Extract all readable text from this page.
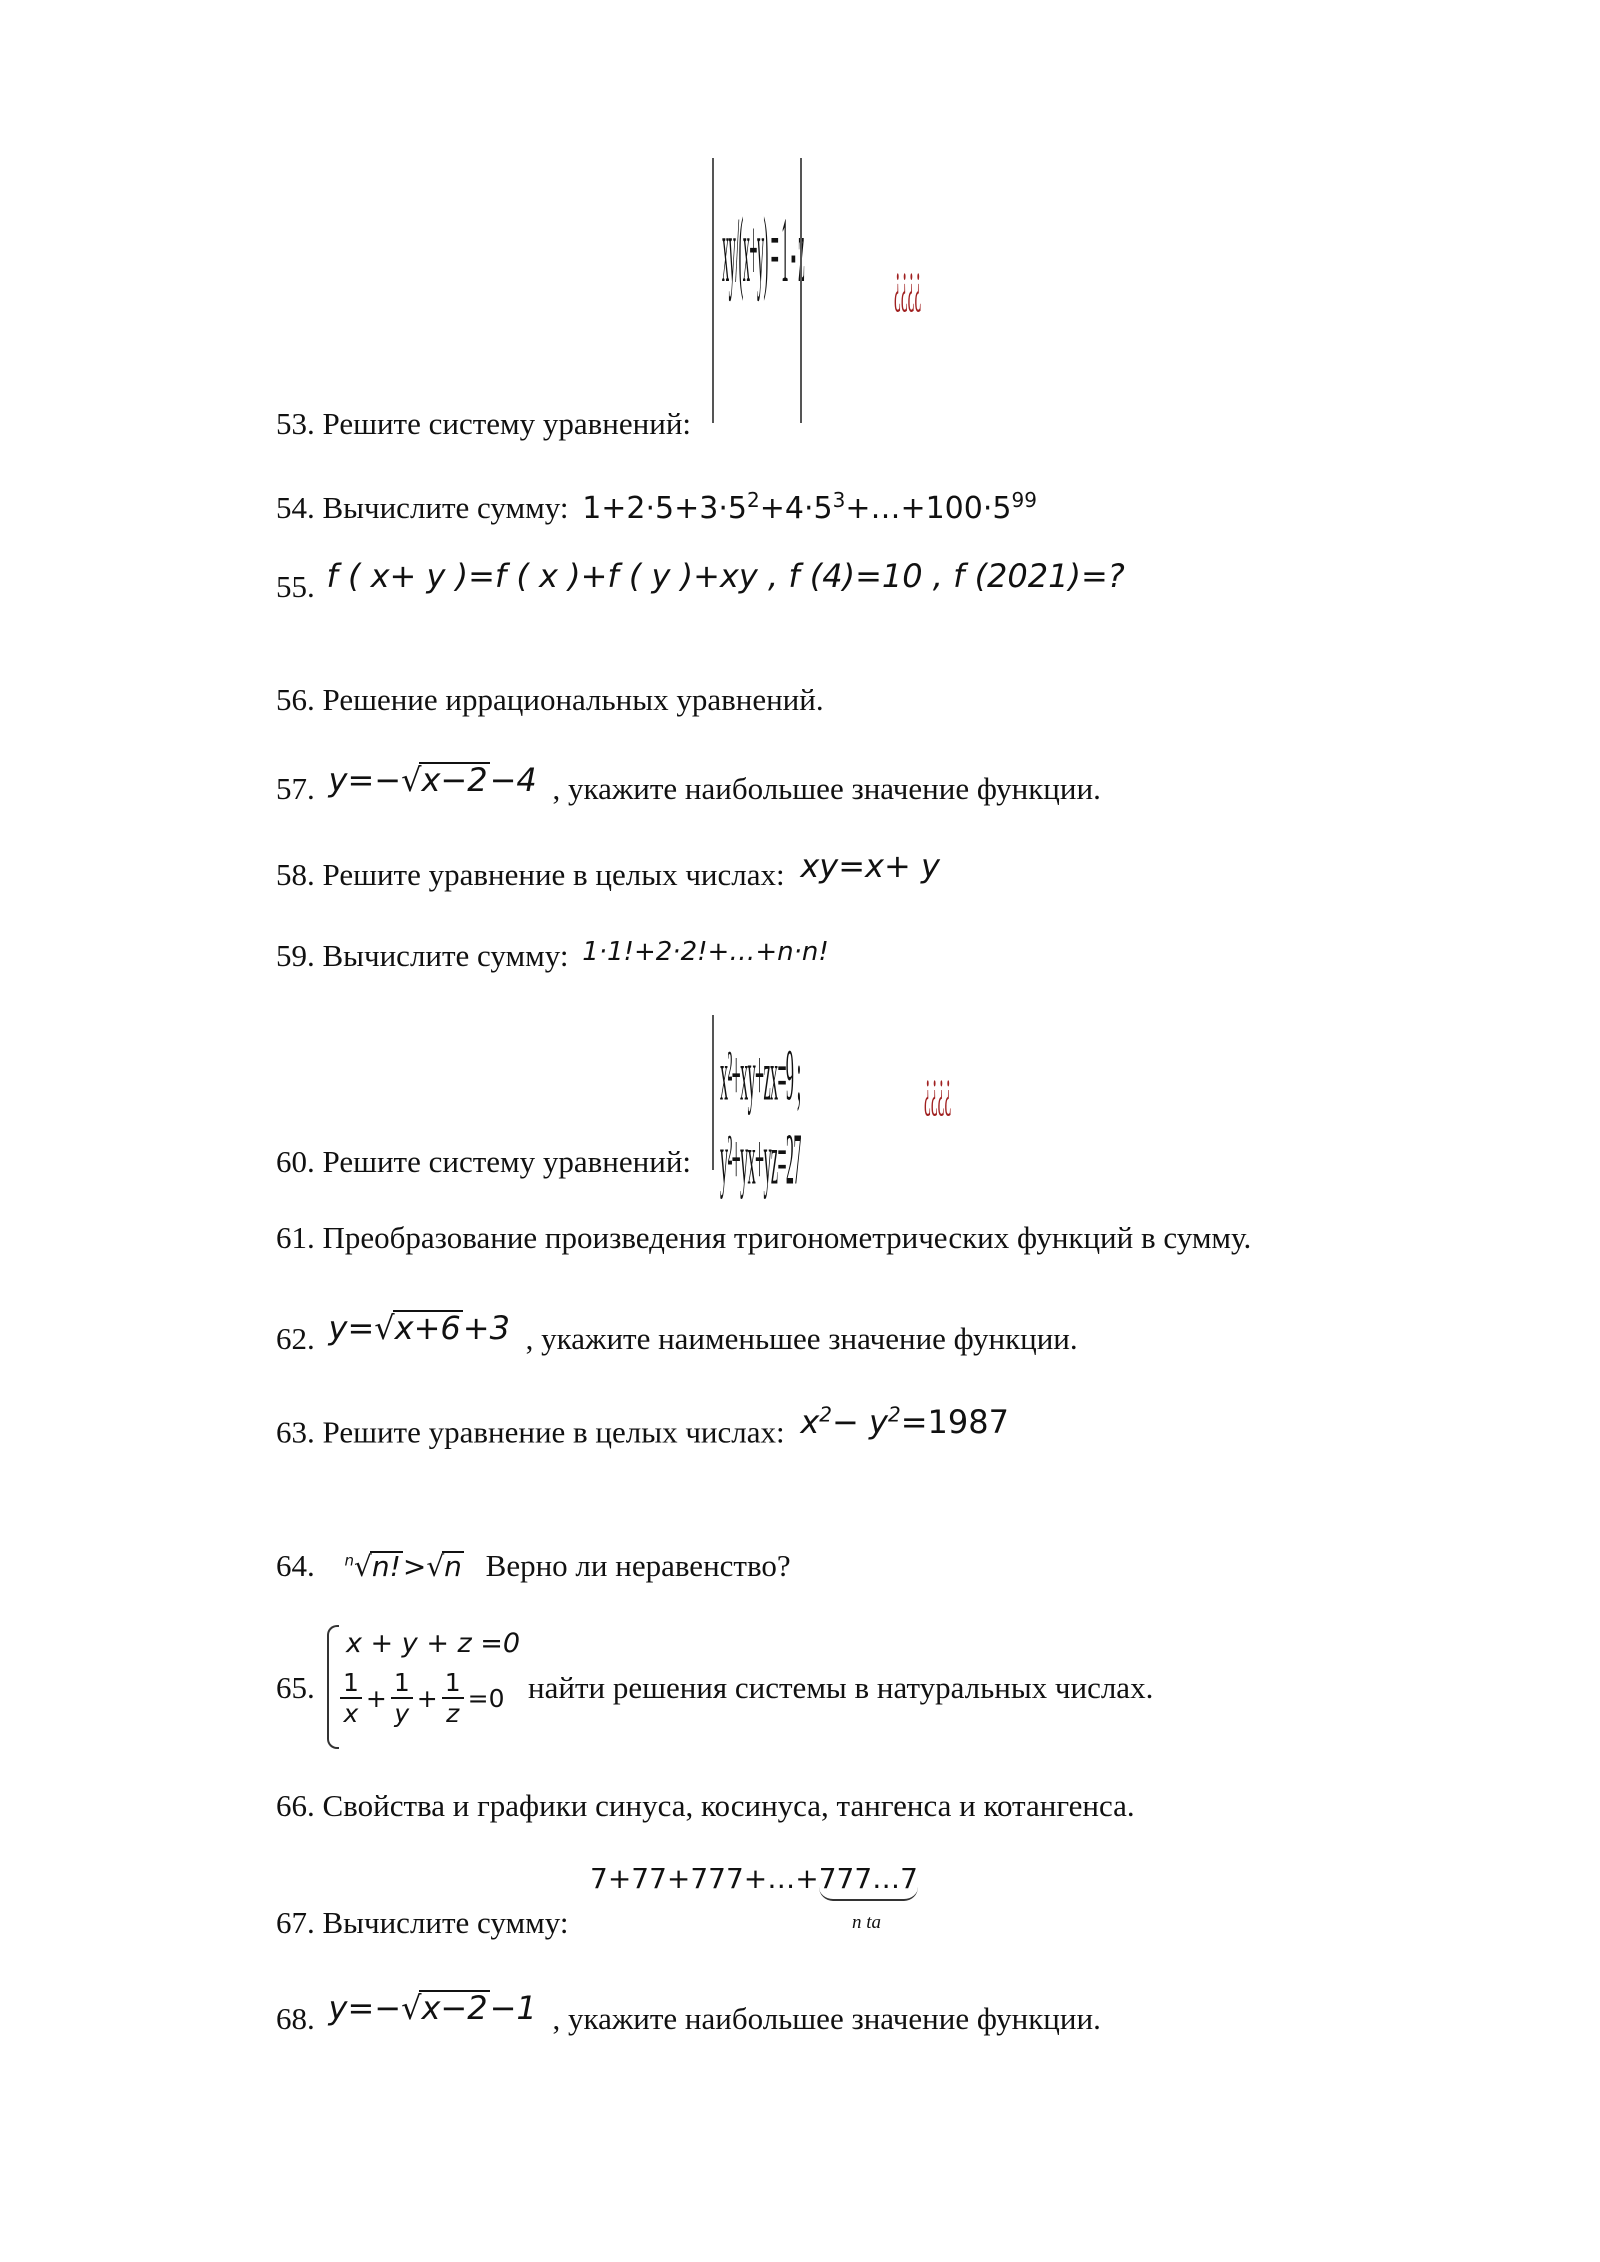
xy/(x+y) = 1 - z	¿¿¿¿
53. Решите систему уравнений:
54. Вычислите сумму: $1+2\cdot 5+3\cdot 5^2+4\cdot 5^3+\dots+100\cdot 5^{99}$
55. f ( x+ y )=f ( x )+f ( y )+xy , f (4)=10 , f (2021)=?
56. Решение иррациональных уравнений.
57. y=−√x−2−4 , укажите наибольшее значение функции.
58. Решите уравнение в целых числах: xy=x+ y
59. Вычислите сумму: 1·1!+2·2!+…+n·n!
x²+xy+zx=9 ; y²+yx+yz=27
¿¿¿¿
60. Решите систему уравнений:
61. Преобразование произведения тригонометрических функций в сумму.
62. y=√x+6+3 , укажите наименьшее значение функции.
63. Решите уравнение в целых числах: $x^2- y^2=1987$
64. $^n$√n!>√n Верно ли неравенство?
65.
x + y + z =0
$\frac{1}{x} + \frac{1}{y} + \frac{1}{z} =0$ найти решения системы в натуральных числах.
66. Свойства и графики синуса, косинуса, тангенса и котангенса.
7+77+777+…+777…7
n ta
67. Вычислите сумму:
68. y=−√x−2−1 , укажите наибольшее значение функции.
